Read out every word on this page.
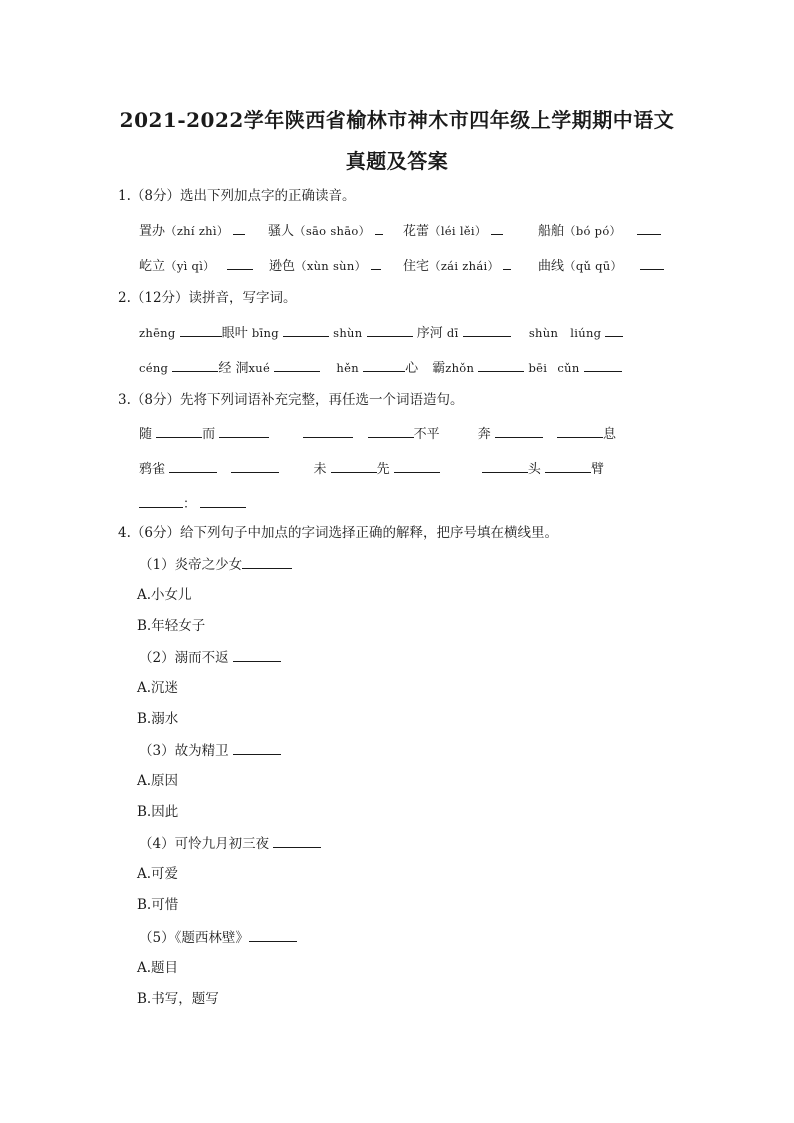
2021-2022学年陕西省榆林市神木市四年级上学期期中语文
真题及答案
1.（8分）选出下列加点字的正确读音。
置办（zhí zhì）	骚人（sāo shāo）	花蕾（léi lěi）	船舶（bó pó）
屹立（yì qì）	逊色（xùn sùn）	住宅（zái zhái）	曲线（qǔ qū）
2.（12分）读拼音，写字词。
zhēng	眼叶 bīng	shùn	序河 dī	shùn liúng
céng	经 洞xué	hěn	心 霸zhǒn	bēi cǔn
3.（8分）先将下列词语补充完整，再任选一个词语造句。
随	而	不平	奔	息
鸦雀	未	先	头	臂
：
4.（6分）给下列句子中加点的字词选择正确的解释，把序号填在横线里。
（1）炎帝之少女
A.小女儿
B.年轻女子
（2）溺而不返
A.沉迷
B.溺水
（3）故为精卫
A.原因
B.因此
（4）可怜九月初三夜
A.可爱
B.可惜
（5）《题西林壁》
A.题目
B.书写，题写
